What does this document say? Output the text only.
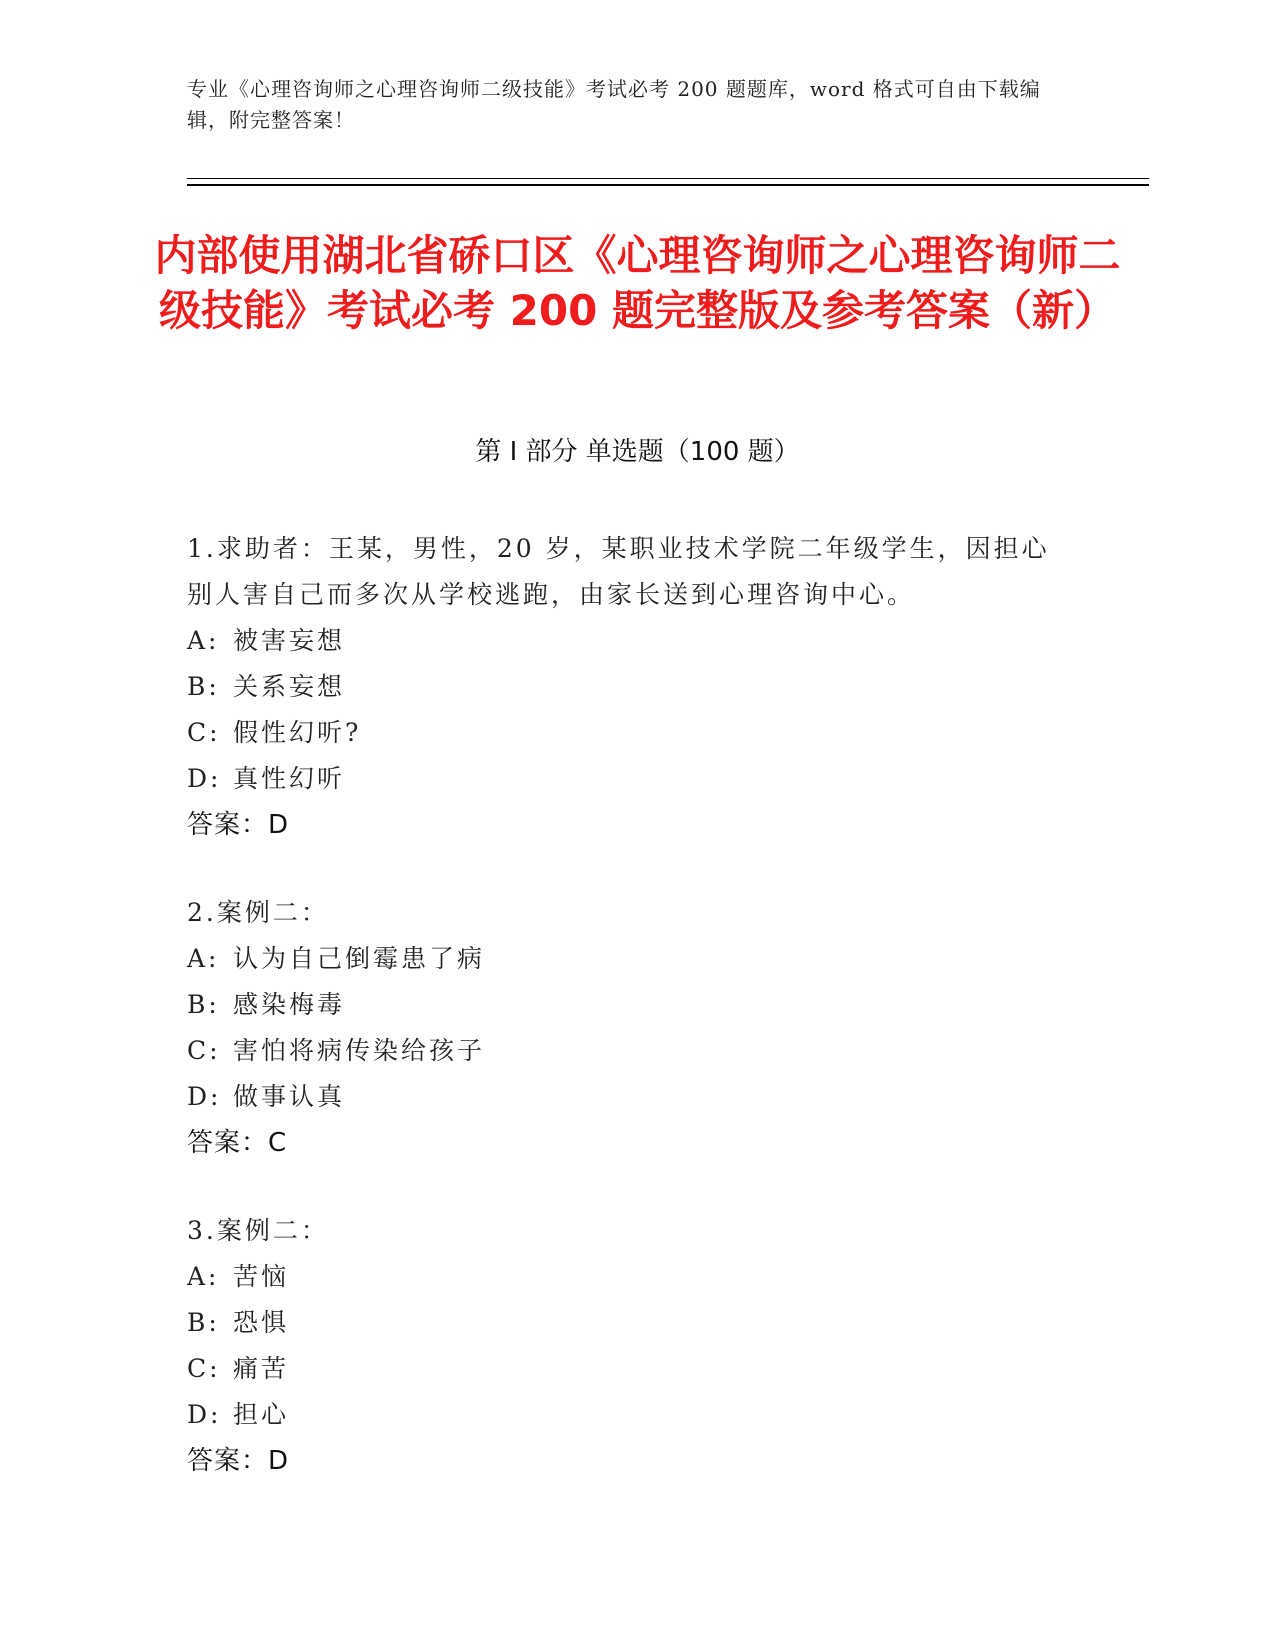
专业《心理咨询师之心理咨询师二级技能》考试必考 200 题题库，word 格式可自由下载编辑，附完整答案！
内部使用湖北省硚口区《心理咨询师之心理咨询师二级技能》考试必考 200 题完整版及参考答案（新）
第 I 部分 单选题（100 题）
1.求助者：王某，男性，20 岁，某职业技术学院二年级学生，因担心别人害自己而多次从学校逃跑，由家长送到心理咨询中心。
A: 被害妄想
B: 关系妄想
C: 假性幻听?
D: 真性幻听
答案：D
2.案例二：
A: 认为自己倒霉患了病
B: 感染梅毒
C: 害怕将病传染给孩子
D: 做事认真
答案：C
3.案例二：
A: 苦恼
B: 恐惧
C: 痛苦
D: 担心
答案：D
